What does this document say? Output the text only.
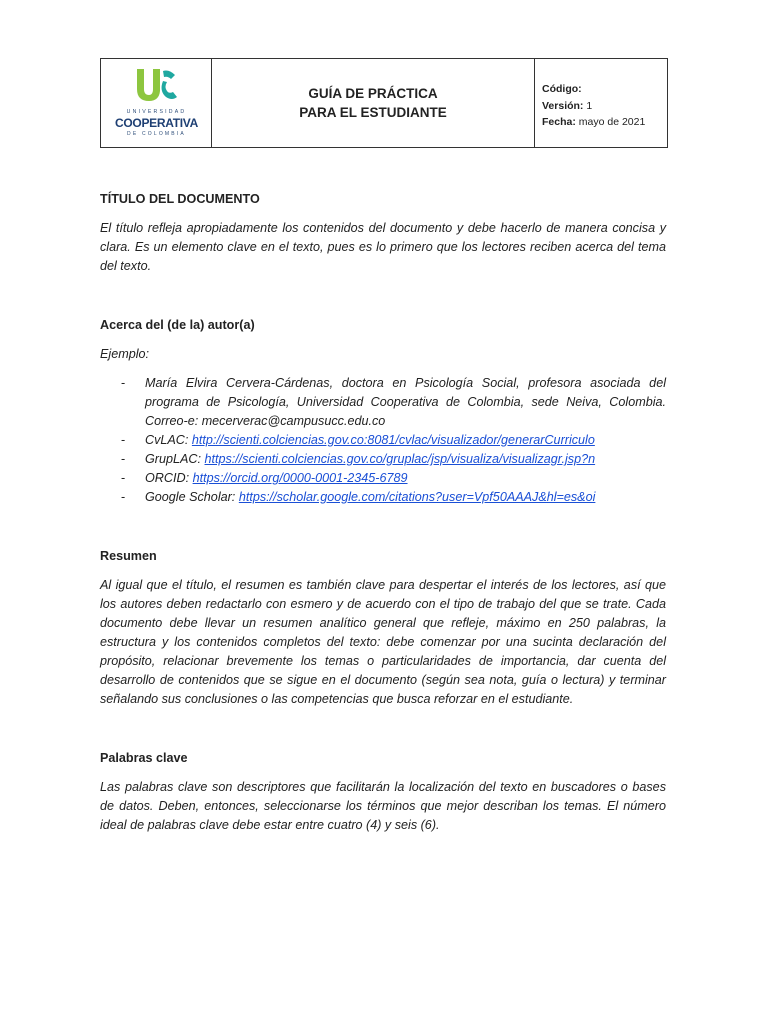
UNIVERSIDAD
COOPERATIVA
DE COLOMBIA
GUÍA DE PRÁCTICA
PARA EL ESTUDIANTE
Código:
Versión: 1
Fecha: mayo de 2021

TÍTULO DEL DOCUMENTO

El título refleja apropiadamente los contenidos del documento y debe hacerlo de manera concisa y clara. Es un elemento clave en el texto, pues es lo primero que los lectores reciben acerca del tema del texto.

Acerca del (de la) autor(a)

Ejemplo:

- María Elvira Cervera-Cárdenas, doctora en Psicología Social, profesora asociada del programa de Psicología, Universidad Cooperativa de Colombia, sede Neiva, Colombia. Correo-e: mecerverac@campusucc.edu.co
- CvLAC: http://scienti.colciencias.gov.co:8081/cvlac/visualizador/generarCurriculo
- GrupLAC: https://scienti.colciencias.gov.co/gruplac/jsp/visualiza/visualizagr.jsp?n
- ORCID: https://orcid.org/0000-0001-2345-6789
- Google Scholar: https://scholar.google.com/citations?user=Vpf50AAAJ&hl=es&oi

Resumen

Al igual que el título, el resumen es también clave para despertar el interés de los lectores, así que los autores deben redactarlo con esmero y de acuerdo con el tipo de trabajo del que se trate. Cada documento debe llevar un resumen analítico general que refleje, máximo en 250 palabras, la estructura y los contenidos completos del texto: debe comenzar por una sucinta declaración del propósito, relacionar brevemente los temas o particularidades de importancia, dar cuenta del desarrollo de contenidos que se sigue en el documento (según sea nota, guía o lectura) y terminar señalando sus conclusiones o las competencias que busca reforzar en el estudiante.

Palabras clave

Las palabras clave son descriptores que facilitarán la localización del texto en buscadores o bases de datos. Deben, entonces, seleccionarse los términos que mejor describan los temas. El número ideal de palabras clave debe estar entre cuatro (4) y seis (6).
